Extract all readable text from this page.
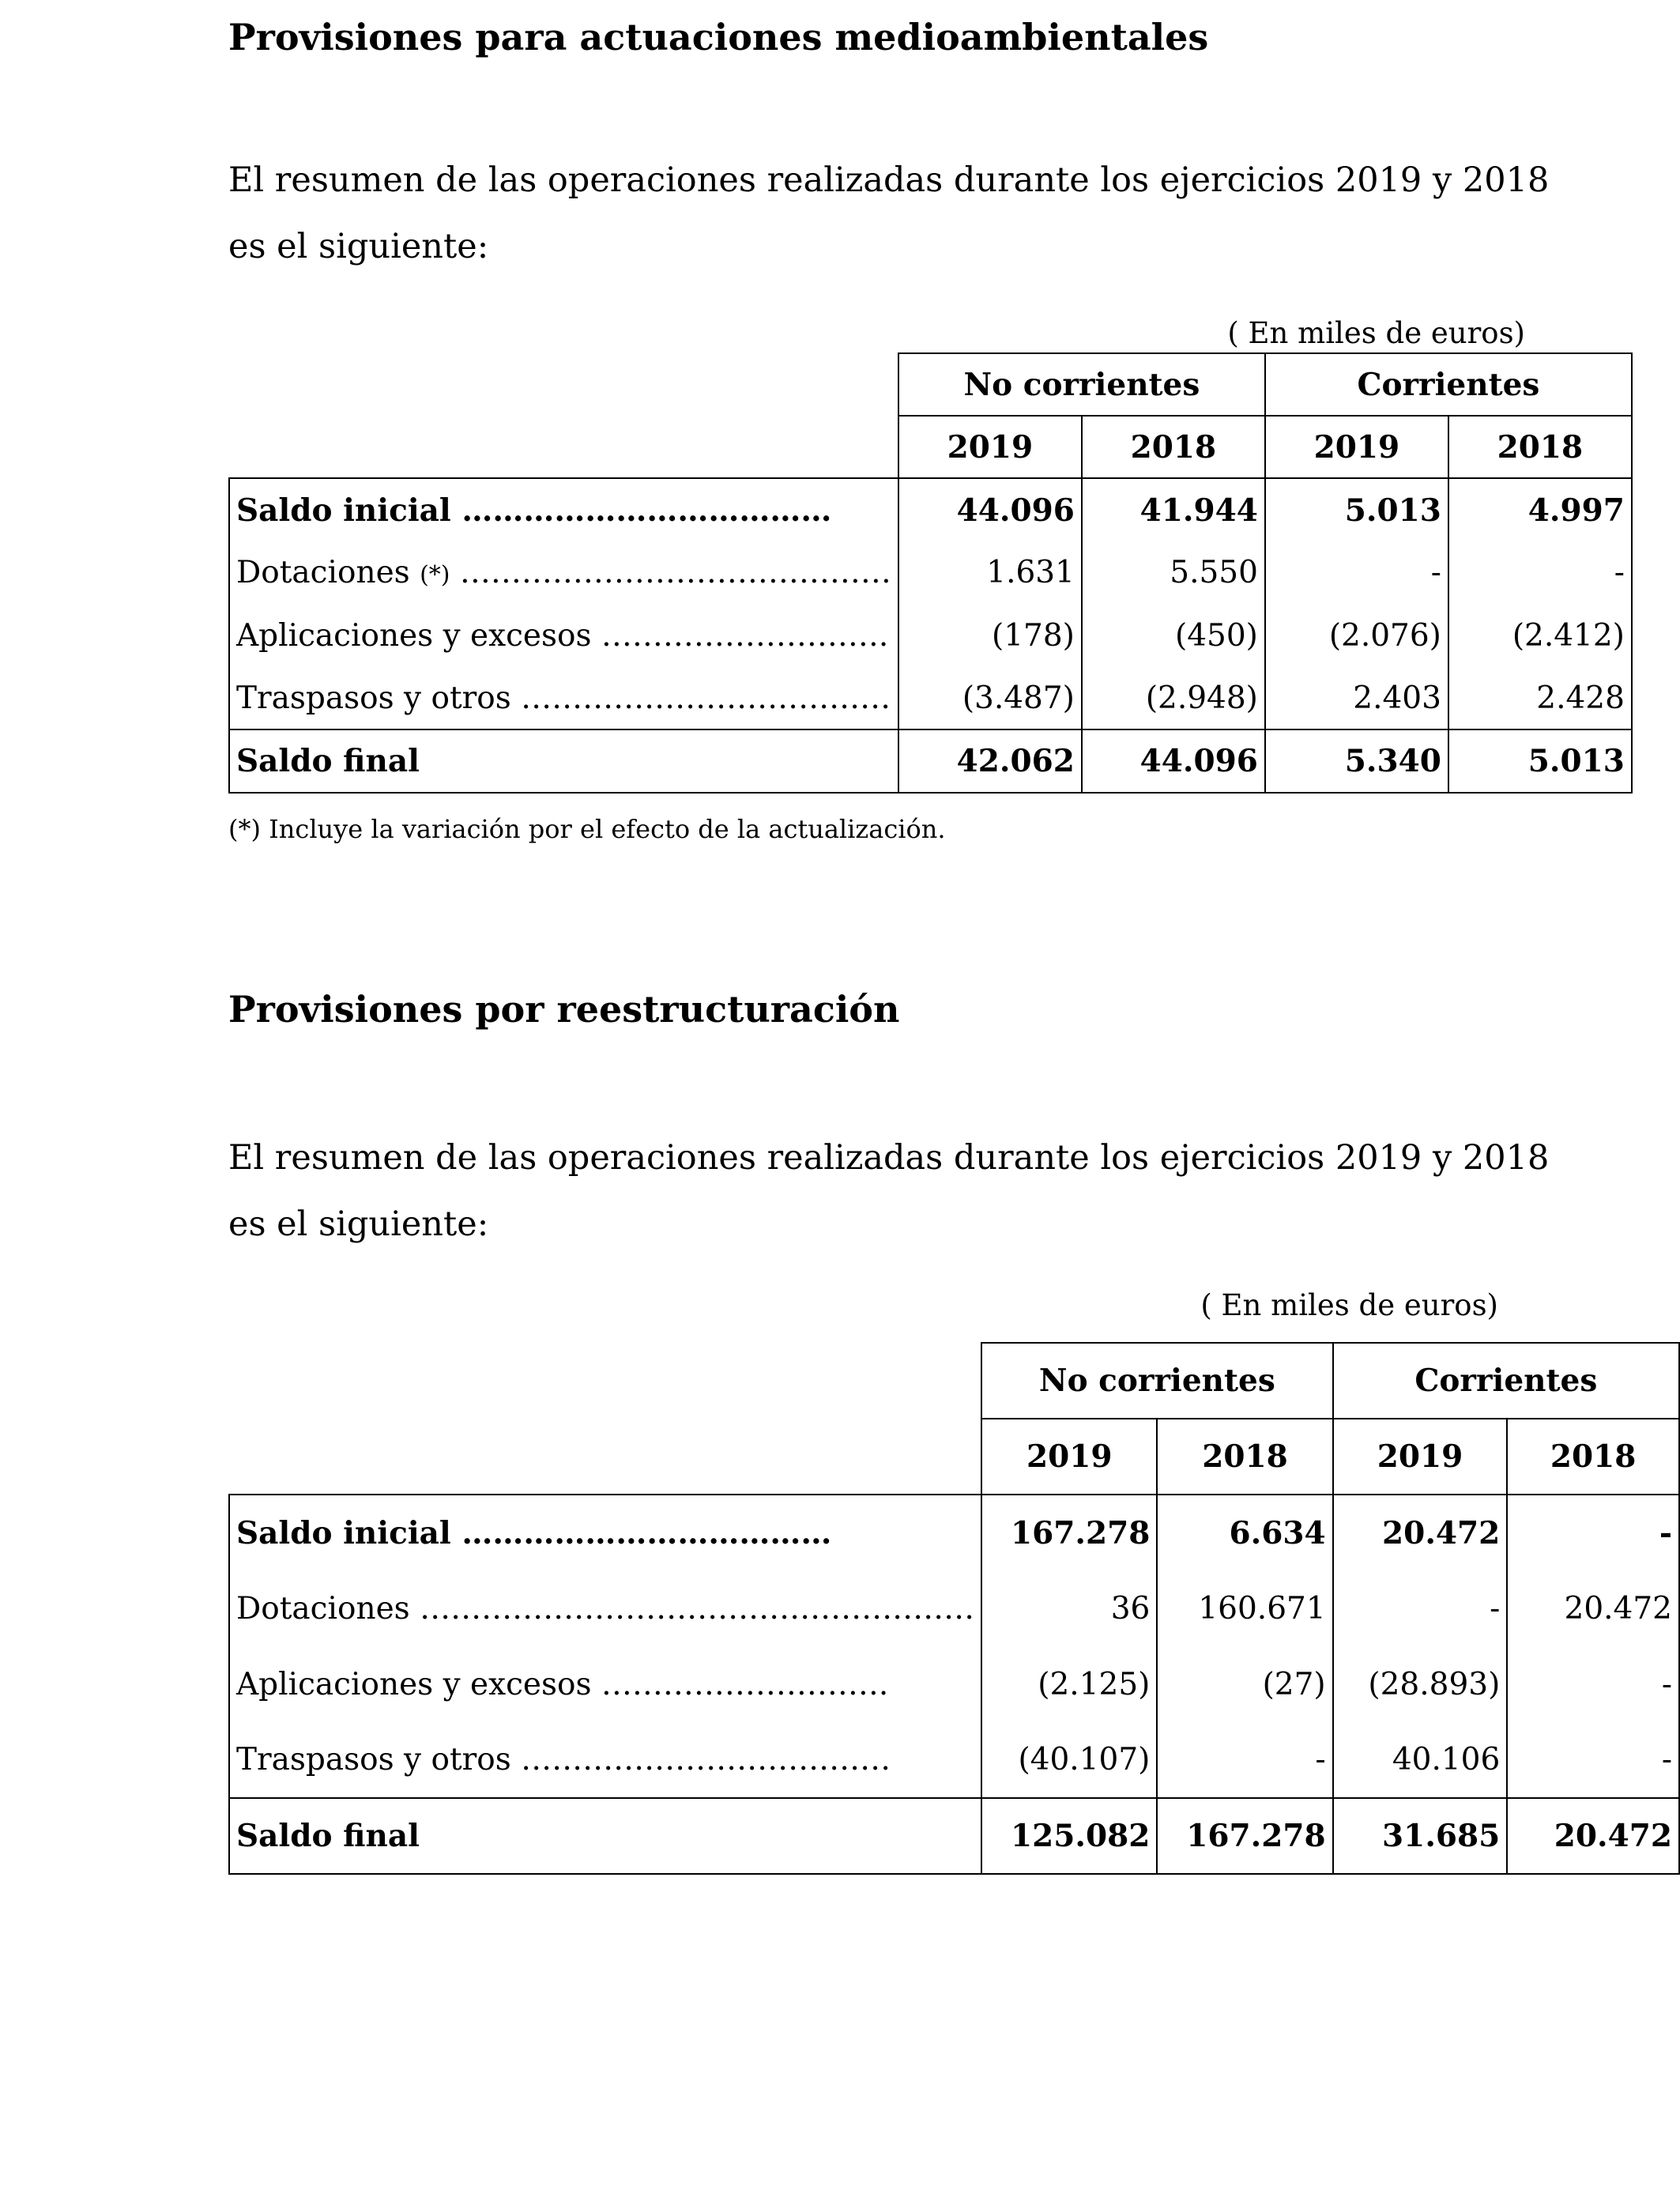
Provisiones para actuaciones medioambientales

El resumen de las operaciones realizadas durante los ejercicios 2019 y 2018

es el siguiente:

( En miles de euros)
	No corrientes		Corrientes	
	2019	2018	2019	2018
Saldo inicial ………………………………	44.096	41.944	5.013	4.997
Dotaciones (*) ……………………………………	1.631	5.550	-	-
Aplicaciones y excesos ……………………….	(178)	(450)	(2.076)	(2.412)
Traspasos y otros ………………………………	(3.487)	(2.948)	2.403	2.428
Saldo final	42.062	44.096	5.340	5.013
(*) Incluye la variación por el efecto de la actualización.
Provisiones por reestructuración

El resumen de las operaciones realizadas durante los ejercicios 2019 y 2018

es el siguiente:

( En miles de euros)
	No corrientes		Corrientes	
	2019	2018	2019	2018
Saldo inicial ………………………………	167.278	6.634	20.472	-
Dotaciones ………………………………………………	36	160.671	-	20.472
Aplicaciones y excesos ……………………….	(2.125)	(27)	(28.893)	-
Traspasos y otros ………………………………	(40.107)	-	40.106	-
Saldo final	125.082	167.278	31.685	20.472
